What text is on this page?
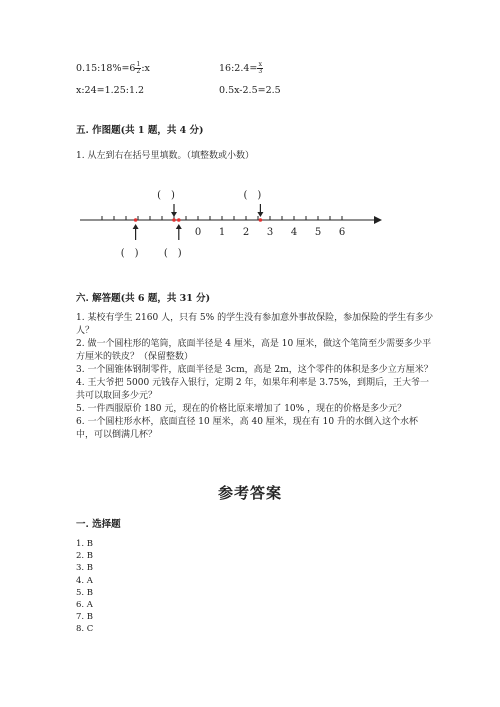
0.15:18%=6 $\frac{1}{2}$ :x	16:2.4= $\frac{x}{3}$
x:24=1.25:1.2	0.5x-2.5=2.5
五. 作图题(共 1 题，共 4 分)
1. 从左到右在括号里填数。（填整数或小数）
0 1 2 3 4 5 6
(　)	(　)
(　)	(　)
六. 解答题(共 6 题，共 31 分)

1. 某校有学生 2160 人，只有 5% 的学生没有参加意外事故保险，参加保险的学生有多少人？

2. 做一个圆柱形的笔筒，底面半径是 4 厘米，高是 10 厘米，做这个笔筒至少需要多少平方厘米的铁皮？（保留整数）

3. 一个圆锥体钢制零件，底面半径是 3cm，高是 2m，这个零件的体积是多少立方厘米？

4. 王大爷把 5000 元钱存入银行，定期 2 年，如果年利率是 3.75%，到期后，王大爷一共可以取回多少元？

5. 一件西服原价 180 元，现在的价格比原来增加了 10% ，现在的价格是多少元？

6. 一个圆柱形水杯，底面直径 10 厘米，高 40 厘米，现在有 10 升的水倒入这个水杯中，可以倒满几杯？

参考答案
一. 选择题
1. B
2. B
3. B
4. A
5. B
6. A
7. B
8. C
